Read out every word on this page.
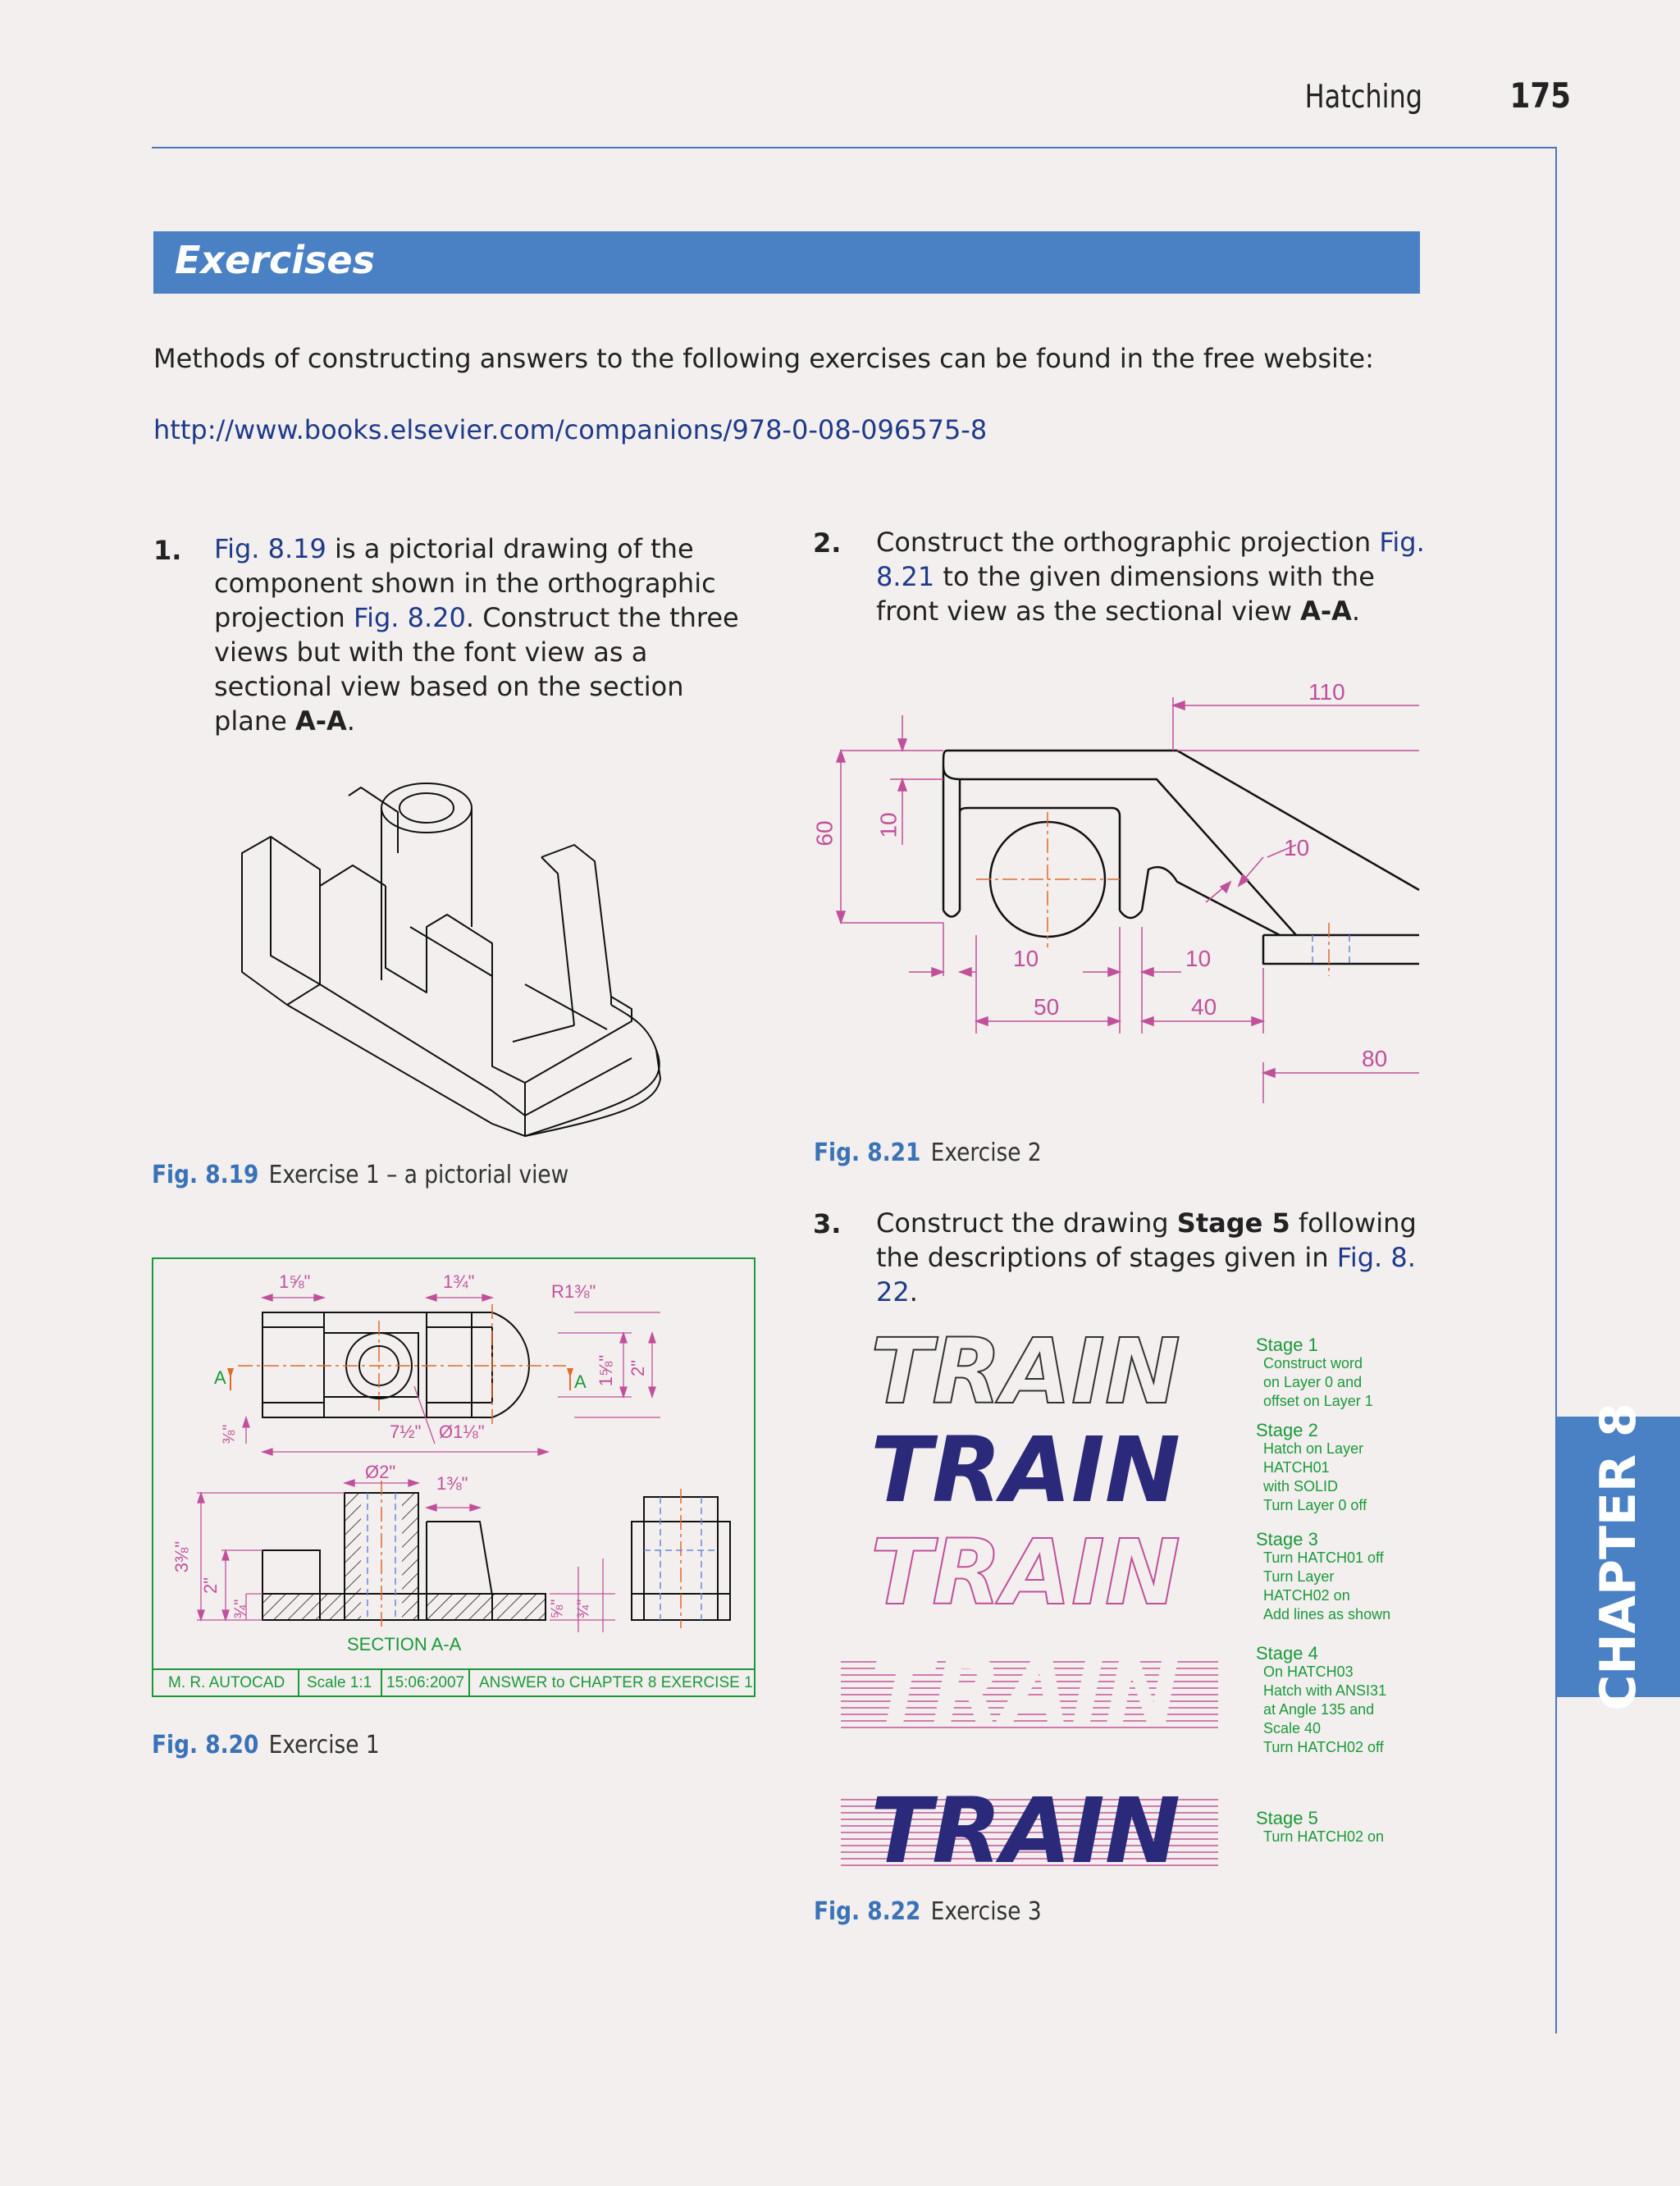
Hatching	175
Exercises
Methods of constructing answers to the following exercises can be found in the free website:
http://www.books.elsevier.com/companions/978-0-08-096575-8
1. Fig. 8.19 is a pictorial drawing of the component shown in the orthographic projection Fig. 8.20. Construct the three views but with the font view as a sectional view based on the section plane A-A.
2. Construct the orthographic projection Fig. 8.21 to the given dimensions with the front view as the sectional view A-A.
3. Construct the drawing Stage 5 following the descriptions of stages given in Fig. 8. 22.
Fig. 8.19 Exercise 1 – a pictorial view
110
60 10
10
10	10
50	40
80
Fig. 8.21 Exercise 2
1⅝"	1¾"	R1⅜"
7½" Ø1⅛"
Ø2"
1⅜"
1⅝" 2"
⅜"
3⅜"
2"
¾"	⅝" ¾"
A	A
SECTION A-A
M. R. AUTOCAD Scale 1:1 15:06:2007 ANSWER to CHAPTER 8 EXERCISE 1
Fig. 8.20 Exercise 1
TRAIN
TRAIN
TRAIN
TRAIN
TRAIN
Stage 1
Construct word
on Layer 0 and
offset on Layer 1
Stage 2
Hatch on Layer
HATCH01
with SOLID
Turn Layer 0 off
Stage 3
Turn HATCH01 off
Turn Layer
HATCH02 on
Add lines as shown
Stage 4
On HATCH03
Hatch with ANSI31
at Angle 135 and
Scale 40
Turn HATCH02 off
Stage 5
Turn HATCH02 on
Fig. 8.22 Exercise 3
CHAPTER 8
